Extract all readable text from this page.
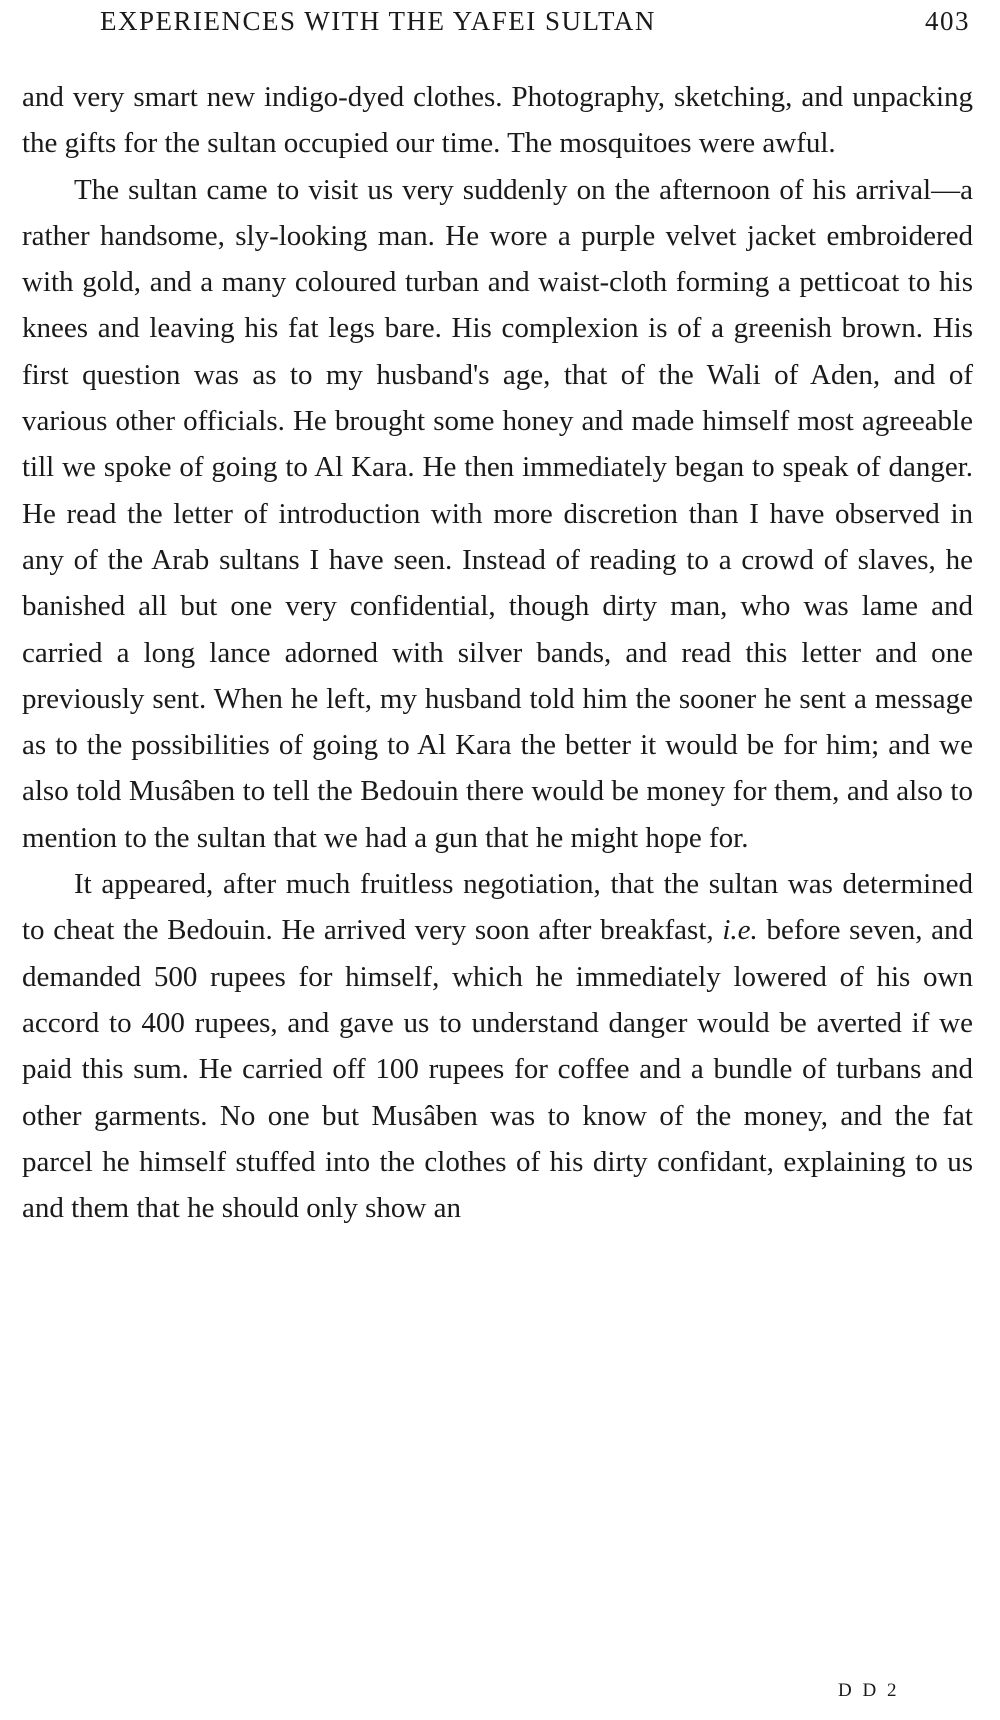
EXPERIENCES WITH THE YAFEI SULTAN	403

and very smart new indigo-dyed clothes. Photography, sketching, and unpacking the gifts for the sultan occupied our time. The mosquitoes were awful.

The sultan came to visit us very suddenly on the afternoon of his arrival—a rather handsome, sly-looking man. He wore a purple velvet jacket embroidered with gold, and a many coloured turban and waist-cloth forming a petticoat to his knees and leaving his fat legs bare. His complexion is of a greenish brown. His first question was as to my husband's age, that of the Wali of Aden, and of various other officials. He brought some honey and made himself most agreeable till we spoke of going to Al Kara. He then immediately began to speak of danger. He read the letter of introduction with more discretion than I have observed in any of the Arab sultans I have seen. Instead of reading to a crowd of slaves, he banished all but one very confidential, though dirty man, who was lame and carried a long lance adorned with silver bands, and read this letter and one previously sent. When he left, my husband told him the sooner he sent a message as to the possibilities of going to Al Kara the better it would be for him; and we also told Musâben to tell the Bedouin there would be money for them, and also to mention to the sultan that we had a gun that he might hope for.

It appeared, after much fruitless negotiation, that the sultan was determined to cheat the Bedouin. He arrived very soon after breakfast, i.e. before seven, and demanded 500 rupees for himself, which he immediately lowered of his own accord to 400 rupees, and gave us to understand danger would be averted if we paid this sum. He carried off 100 rupees for coffee and a bundle of turbans and other garments. No one but Musâben was to know of the money, and the fat parcel he himself stuffed into the clothes of his dirty confidant, explaining to us and them that he should only show an

D D 2
